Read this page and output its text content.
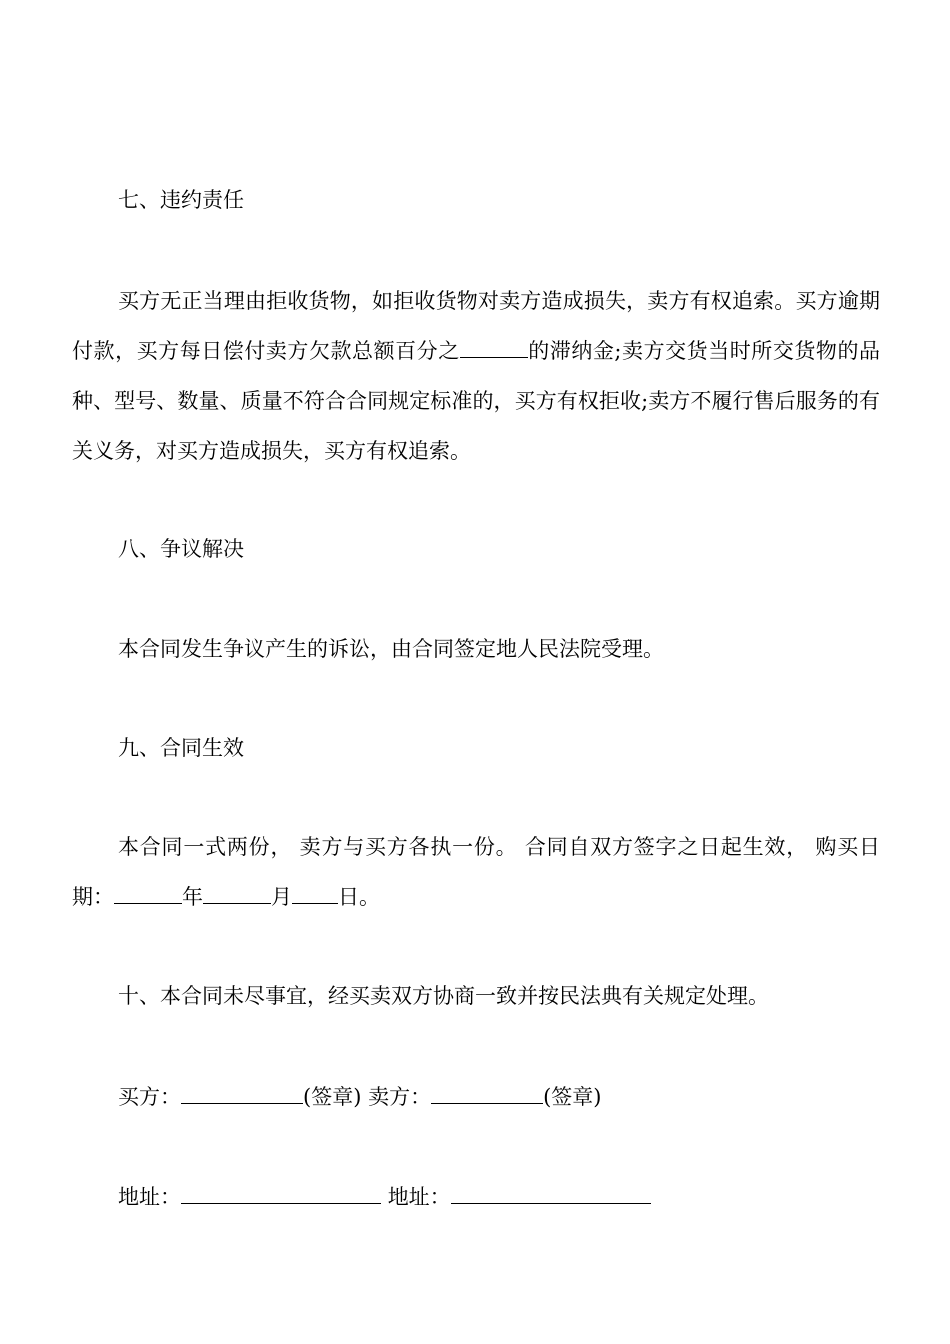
七、违约责任
买方无正当理由拒收货物，如拒收货物对卖方造成损失，卖方有权追索。买方逾期付款，买方每日偿付卖方欠款总额百分之	的滞纳金;卖方交货当时所交货物的品种、型号、数量、质量不符合合同规定标准的，买方有权拒收;卖方不履行售后服务的有关义务，对买方造成损失，买方有权追索。
八、争议解决
本合同发生争议产生的诉讼，由合同签定地人民法院受理。
九、合同生效
本合同一式两份， 卖方与买方各执一份。 合同自双方签字之日起生效， 购买日期：	年	月 日。
十、本合同未尽事宜，经买卖双方协商一致并按民法典有关规定处理。
买方：	(签章) 卖方：	(签章)
地址：	地址：
